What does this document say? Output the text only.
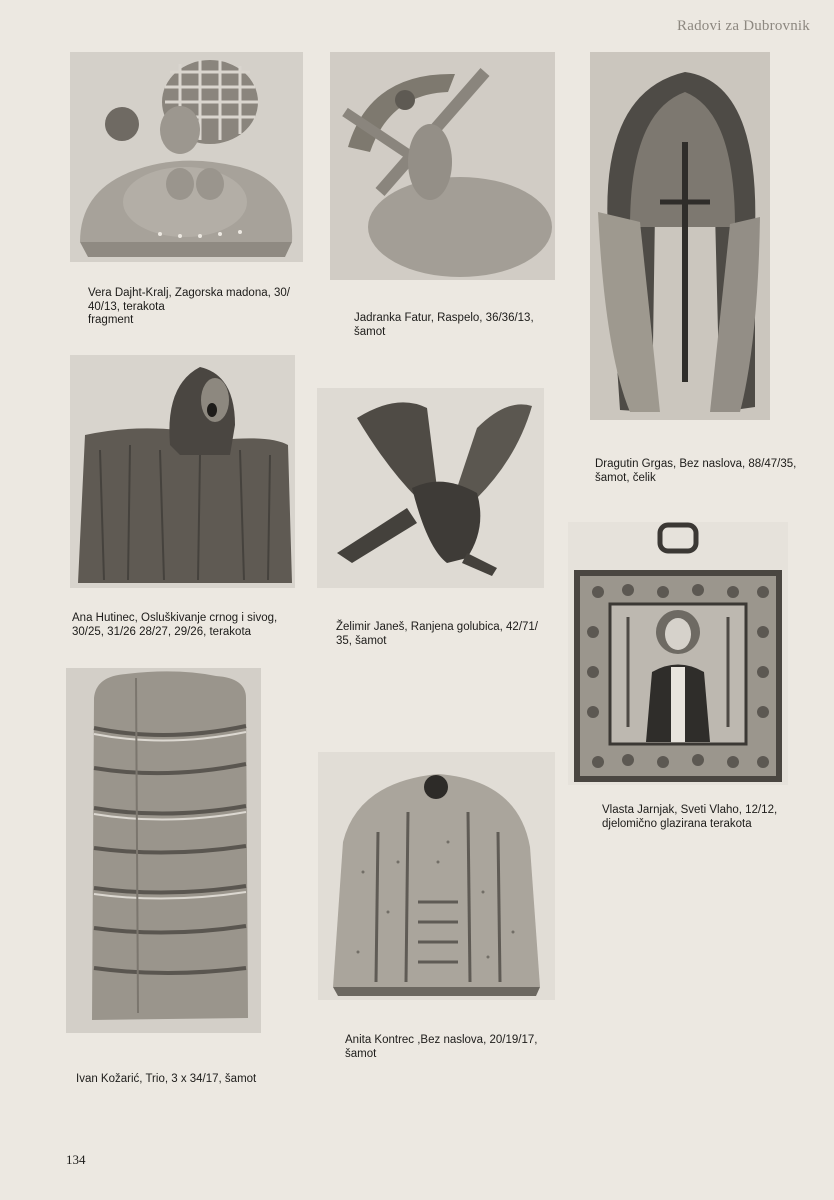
Radovi za Dubrovnik
Vera Dajht-Kralj, Zagorska madona, 30/
40/13, terakota
fragment	Jadranka Fatur, Raspelo, 36/36/13,
šamot
Dragutin Grgas, Bez naslova, 88/47/35,
šamot, čelik
Ana Hutinec, Osluškivanje crnog i sivog,
30/25, 31/26 28/27, 29/26, terakota	Želimir Janeš, Ranjena golubica, 42/71/
35, šamot
Vlasta Jarnjak, Sveti Vlaho, 12/12,
djelomično glazirana terakota
Ivan Kožarić, Trio, 3 x 34/17, šamot
Anita Kontrec ,Bez naslova, 20/19/17,
šamot
134
